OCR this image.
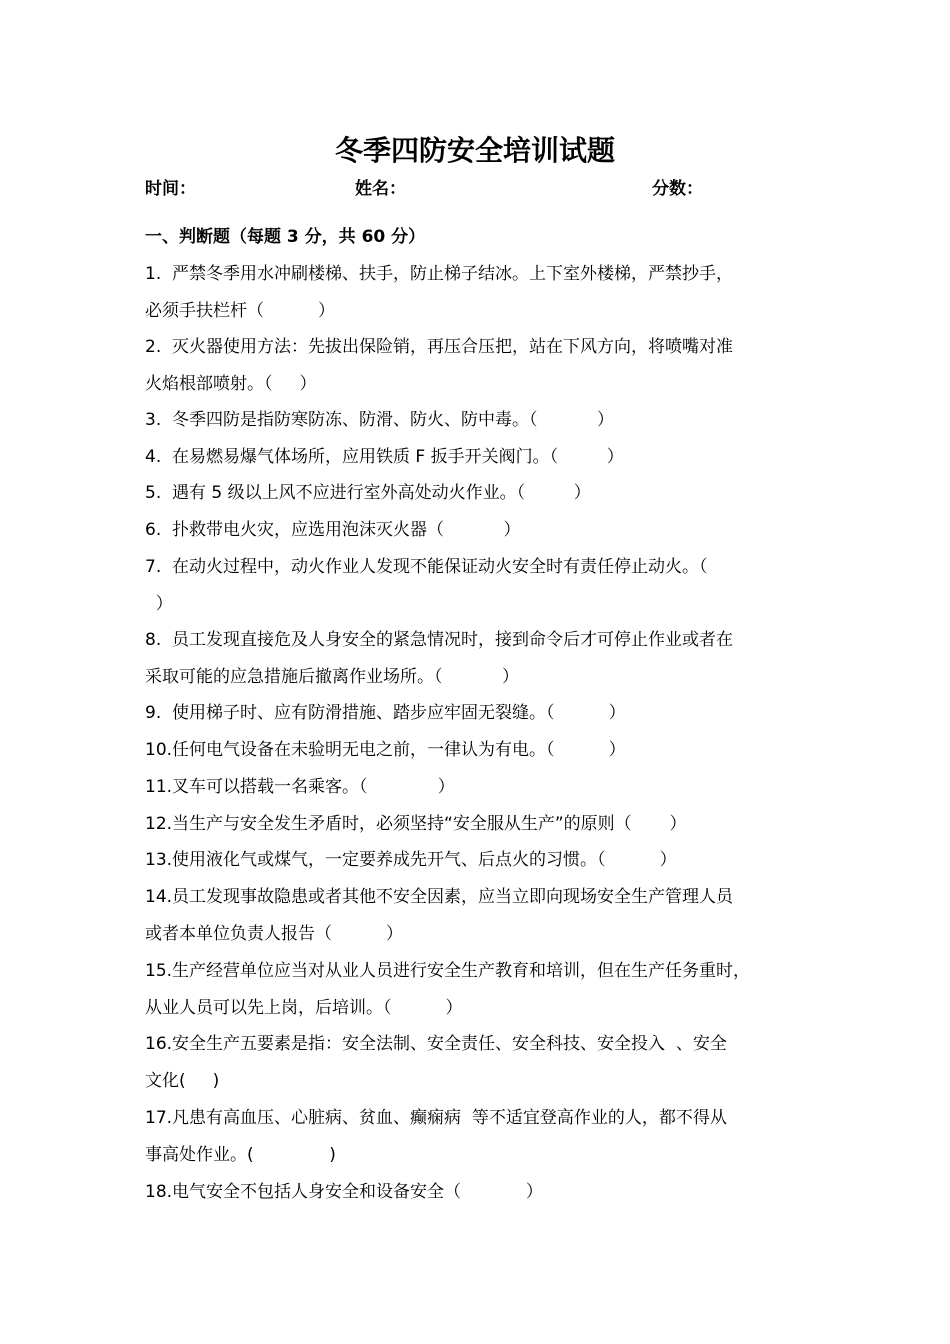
冬季四防安全培训试题
时间：	姓名：	分数：
一、判断题（每题 3 分，共 60 分）
1.  严禁冬季用水冲刷楼梯、扶手，防止梯子结冰。上下室外楼梯，严禁抄手，
必须手扶栏杆（          ）
2.  灭火器使用方法：先拔出保险销，再压合压把，站在下风方向，将喷嘴对准
火焰根部喷射。（     ）
3.  冬季四防是指防寒防冻、防滑、防火、防中毒。（           ）
4.  在易燃易爆气体场所，应用铁质 F 扳手开关阀门。（         ）
5.  遇有 5 级以上风不应进行室外高处动火作业。（         ）
6.  扑救带电火灾，应选用泡沫灭火器（           ）
7.  在动火过程中，动火作业人发现不能保证动火安全时有责任停止动火。（
）
8.  员工发现直接危及人身安全的紧急情况时，接到命令后才可停止作业或者在
采取可能的应急措施后撤离作业场所。（           ）
9.  使用梯子时、应有防滑措施、踏步应牢固无裂缝。（          ）
10.任何电气设备在未验明无电之前，一律认为有电。（          ）
11.叉车可以搭载一名乘客。（             ）
12.当生产与安全发生矛盾时，必须坚持“安全服从生产”的原则（       ）
13.使用液化气或煤气，一定要养成先开气、后点火的习惯。（          ）
14.员工发现事故隐患或者其他不安全因素，应当立即向现场安全生产管理人员
或者本单位负责人报告（          ）
15.生产经营单位应当对从业人员进行安全生产教育和培训，但在生产任务重时，
从业人员可以先上岗，后培训。（          ）
16.安全生产五要素是指：安全法制、安全责任、安全科技、安全投入  、安全
文化(     )
17.凡患有高血压、心脏病、贫血、癫痫病  等不适宜登高作业的人，都不得从
事高处作业。(              )
18.电气安全不包括人身安全和设备安全（            ）
